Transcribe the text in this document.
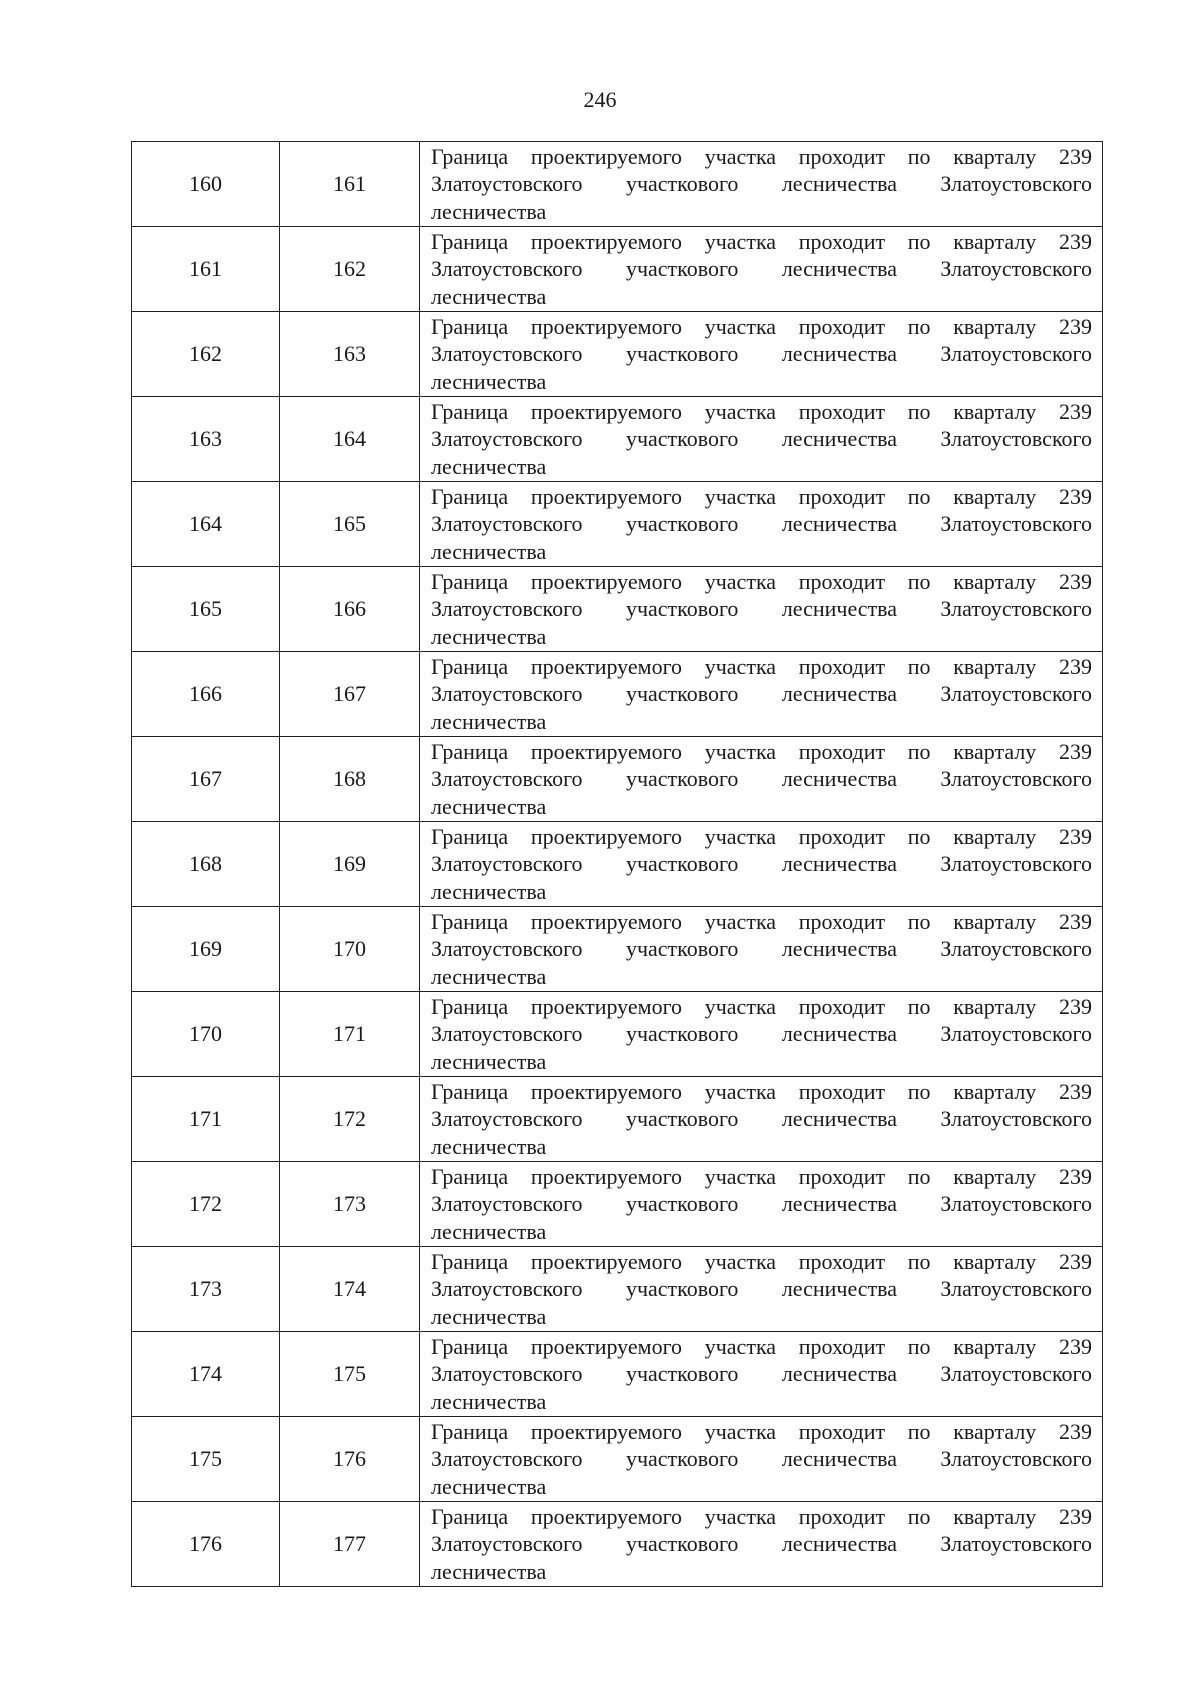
246
160	161	Граница проектируемого участка проходит по кварталу 239
Златоустовского участкового лесничества Златоустовского
лесничества

161	162	Граница проектируемого участка проходит по кварталу 239
Златоустовского участкового лесничества Златоустовского
лесничества

162	163	Граница проектируемого участка проходит по кварталу 239
Златоустовского участкового лесничества Златоустовского
лесничества

163	164	Граница проектируемого участка проходит по кварталу 239
Златоустовского участкового лесничества Златоустовского
лесничества

164	165	Граница проектируемого участка проходит по кварталу 239
Златоустовского участкового лесничества Златоустовского
лесничества

165	166	Граница проектируемого участка проходит по кварталу 239
Златоустовского участкового лесничества Златоустовского
лесничества

166	167	Граница проектируемого участка проходит по кварталу 239
Златоустовского участкового лесничества Златоустовского
лесничества

167	168	Граница проектируемого участка проходит по кварталу 239
Златоустовского участкового лесничества Златоустовского
лесничества

168	169	Граница проектируемого участка проходит по кварталу 239
Златоустовского участкового лесничества Златоустовского
лесничества

169	170	Граница проектируемого участка проходит по кварталу 239
Златоустовского участкового лесничества Златоустовского
лесничества

170	171	Граница проектируемого участка проходит по кварталу 239
Златоустовского участкового лесничества Златоустовского
лесничества

171	172	Граница проектируемого участка проходит по кварталу 239
Златоустовского участкового лесничества Златоустовского
лесничества

172	173	Граница проектируемого участка проходит по кварталу 239
Златоустовского участкового лесничества Златоустовского
лесничества

173	174	Граница проектируемого участка проходит по кварталу 239
Златоустовского участкового лесничества Златоустовского
лесничества

174	175	Граница проектируемого участка проходит по кварталу 239
Златоустовского участкового лесничества Златоустовского
лесничества

175	176	Граница проектируемого участка проходит по кварталу 239
Златоустовского участкового лесничества Златоустовского
лесничества

176	177	Граница проектируемого участка проходит по кварталу 239
Златоустовского участкового лесничества Златоустовского
лесничества
